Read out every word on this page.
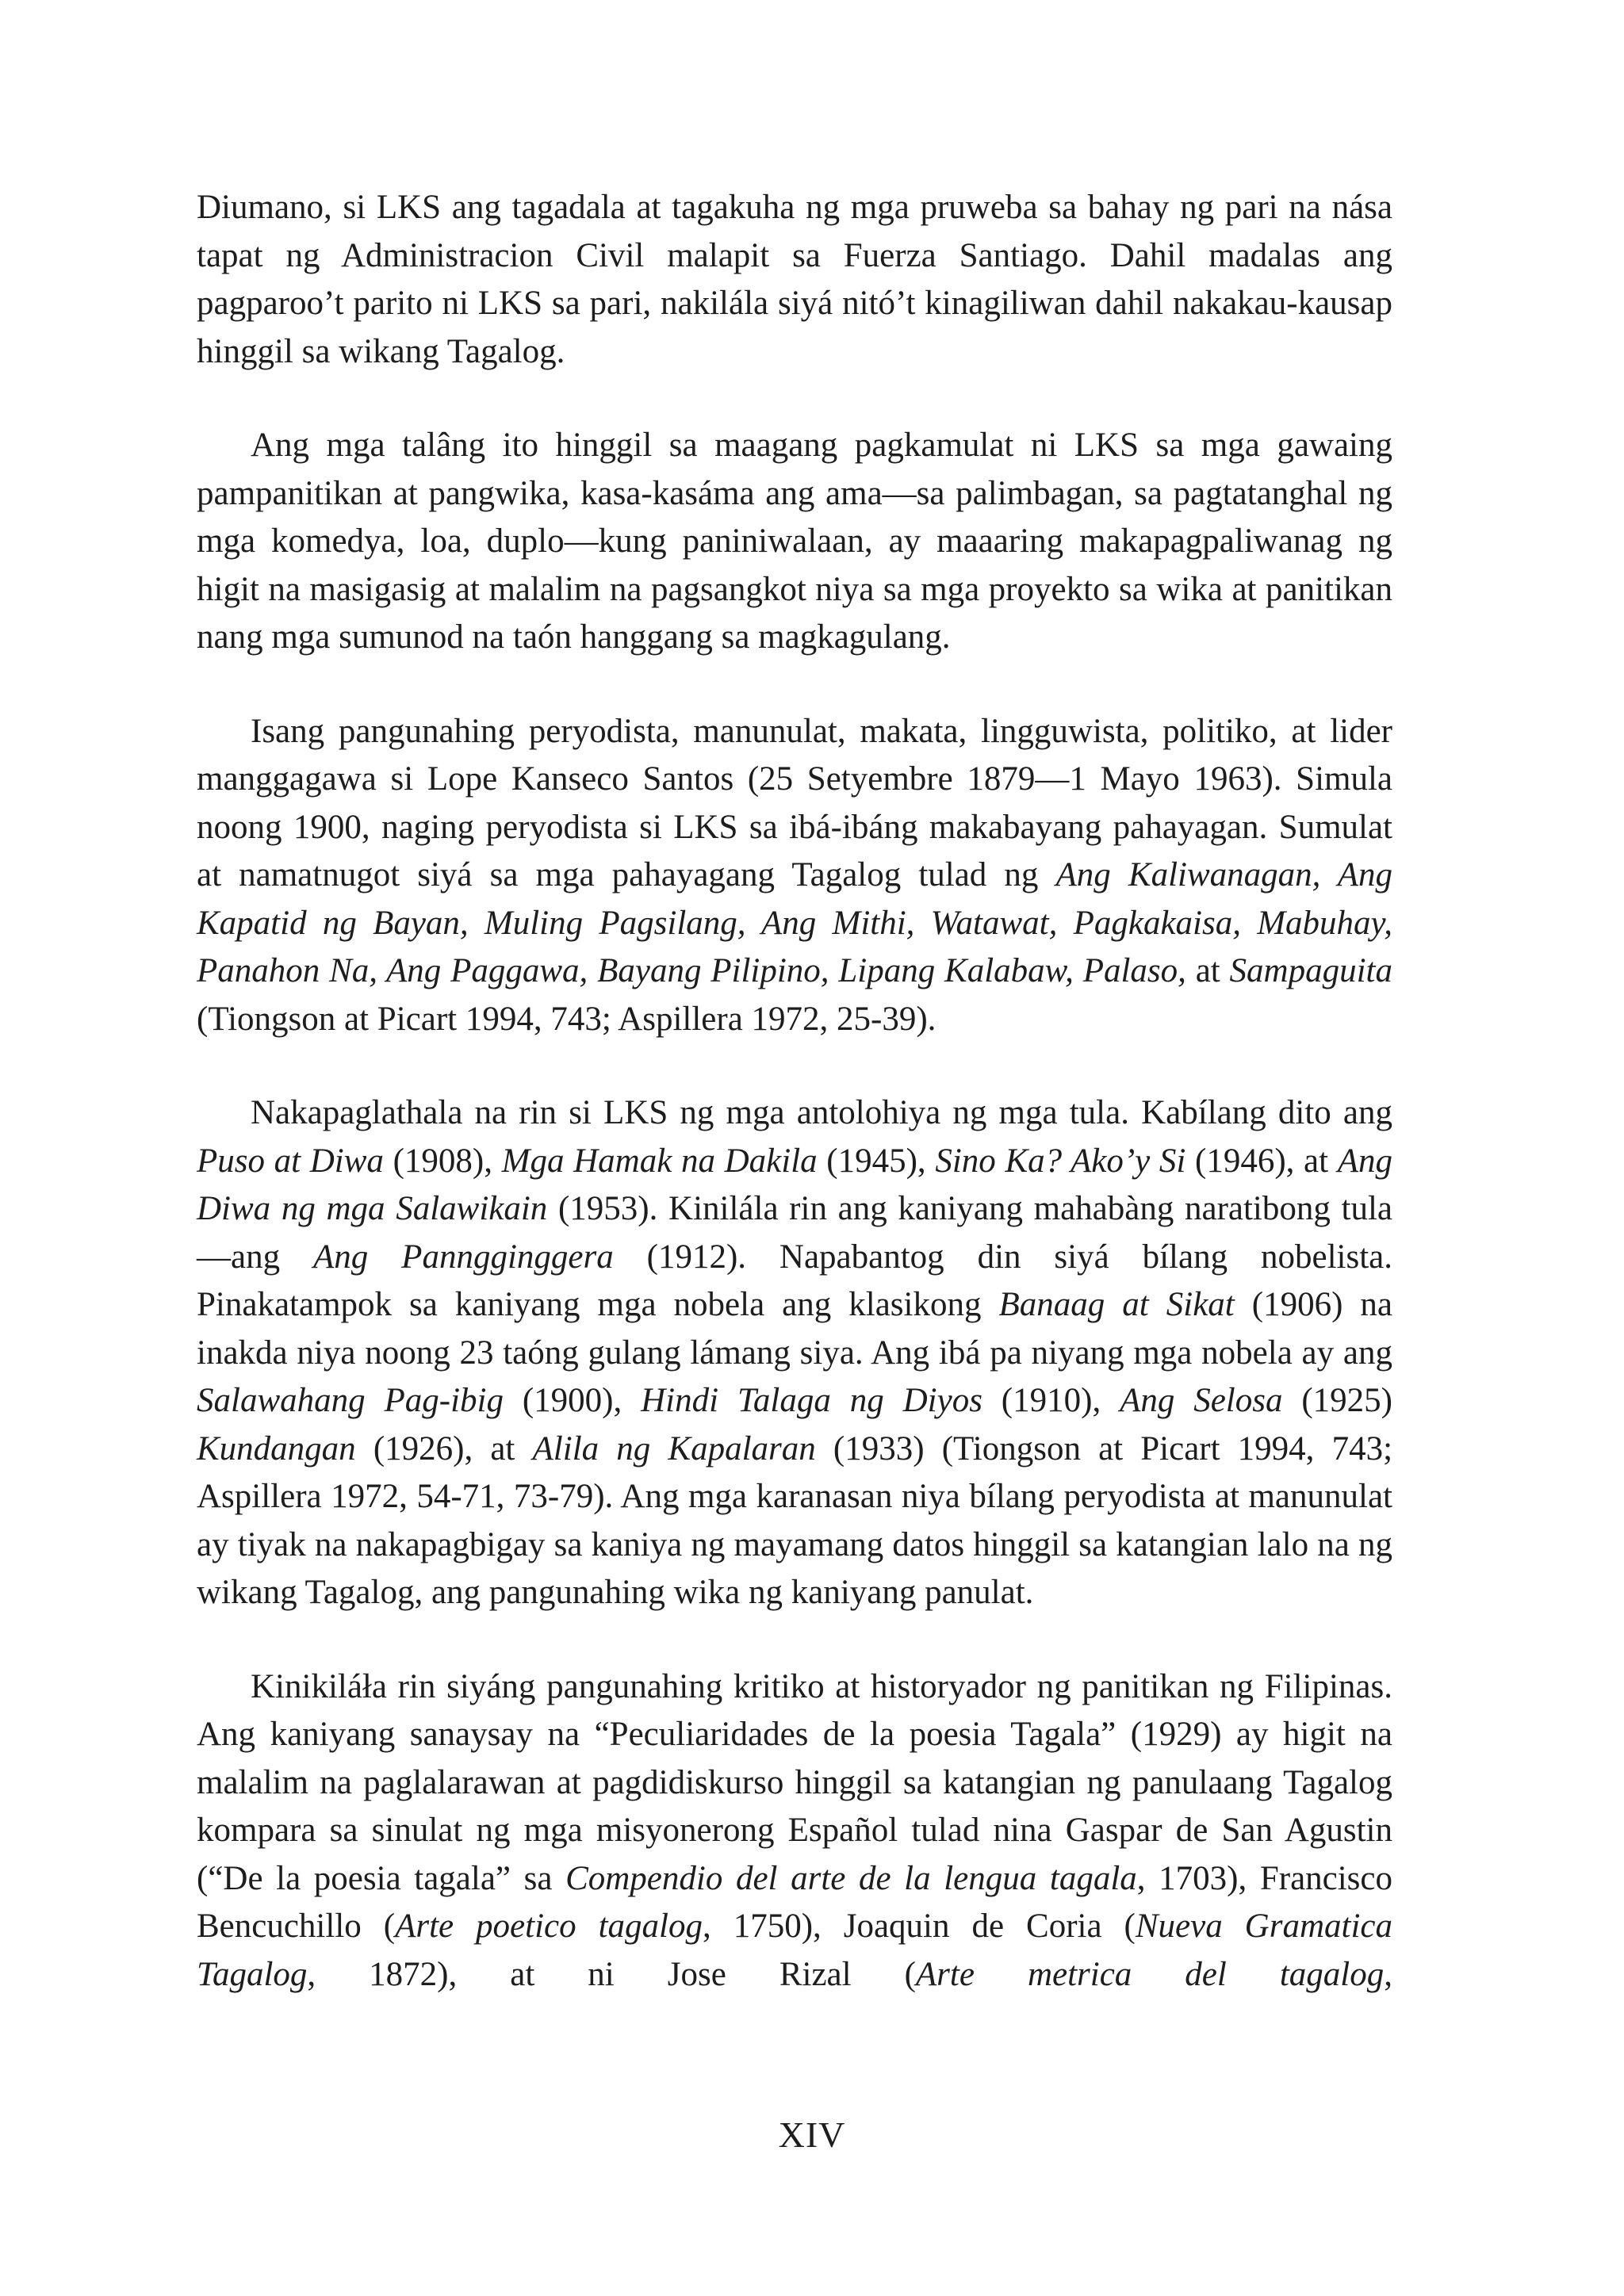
Diumano, si LKS ang tagadala at tagakuha ng mga pruweba sa bahay ng pari na násа tapat ng Administracion Civil malapit sa Fuerza Santiago. Dahil madalas ang pagparoo’t parito ni LKS sa pari, nakilála siyá nitó’t kinagiliwan dahil nakakau-kausap hinggil sa wikang Tagalog.

Ang mga talâng ito hinggil sa maagang pagkamulat ni LKS sa mga gawaing pampanitikan at pangwika, kasa-kasáma ang ama—sa palimbagan, sa pagtatanghal ng mga komedya, loa, duplo—kung paniniwalaan, ay maaaring makapagpaliwanag ng higit na masigasig at malalim na pagsangkot niya sa mga proyekto sa wika at panitikan nang mga sumunod na taón hanggang sa magkagulang.

Isang pangunahing peryodista, manunulat, makata, lingguwista, politiko, at lider manggagawa si Lope Kanseco Santos (25 Setyembre 1879—1 Mayo 1963). Simula noong 1900, naging peryodista si LKS sa ibá-ibáng makabayang pahayagan. Sumulat at namatnugot siyá sa mga pahayagang Tagalog tulad ng Ang Kaliwanagan, Ang Kapatid ng Bayan, Muling Pagsilang, Ang Mithi, Watawat, Pagkakaisa, Mabuhay, Panahon Na, Ang Paggawa, Bayang Pilipino, Lipang Kalabaw, Palaso, at Sampaguita (Tiongson at Picart 1994, 743; Aspillera 1972, 25-39).

Nakapaglathala na rin si LKS ng mga antolohiya ng mga tula. Kabílang dito ang Puso at Diwa (1908), Mga Hamak na Dakila (1945), Sino Ka? Ako’y Si (1946), at Ang Diwa ng mga Salawikain (1953). Kinilála rin ang kaniyang mahabàng naratibong tula—ang Ang Panngginggera (1912). Napabantog din siyá bílang nobelista. Pinakatampok sa kaniyang mga nobela ang klasikong Banaag at Sikat (1906) na inakda niya noong 23 taóng gulang lámang siya. Ang ibá pa niyang mga nobela ay ang Salawahang Pag-ibig (1900), Hindi Talaga ng Diyos (1910), Ang Selosa (1925) Kundangan (1926), at Alila ng Kapalaran (1933) (Tiongson at Picart 1994, 743; Aspillera 1972, 54-71, 73-79). Ang mga karanasan niya bílang peryodista at manunulat ay tiyak na nakapagbigay sa kaniya ng mayamang datos hinggil sa katangian lalo na ng wikang Tagalog, ang pangunahing wika ng kaniyang panulat.

Kinikiláła rin siyáng pangunahing kritiko at historyador ng panitikan ng Filipinas. Ang kaniyang sanaysay na “Peculiaridades de la poesia Tagala” (1929) ay higit na malalim na paglalarawan at pagdidiskurso hinggil sa katangian ng panulaang Tagalog kompara sa sinulat ng mga misyonerong Español tulad nina Gaspar de San Agustin (“De la poesia tagala” sa Compendio del arte de la lengua tagala, 1703), Francisco Bencuchillo (Arte poetico tagalog, 1750), Joaquin de Coria (Nueva Gramatica Tagalog, 1872), at ni Jose Rizal (Arte metrica del tagalog,

XIV
